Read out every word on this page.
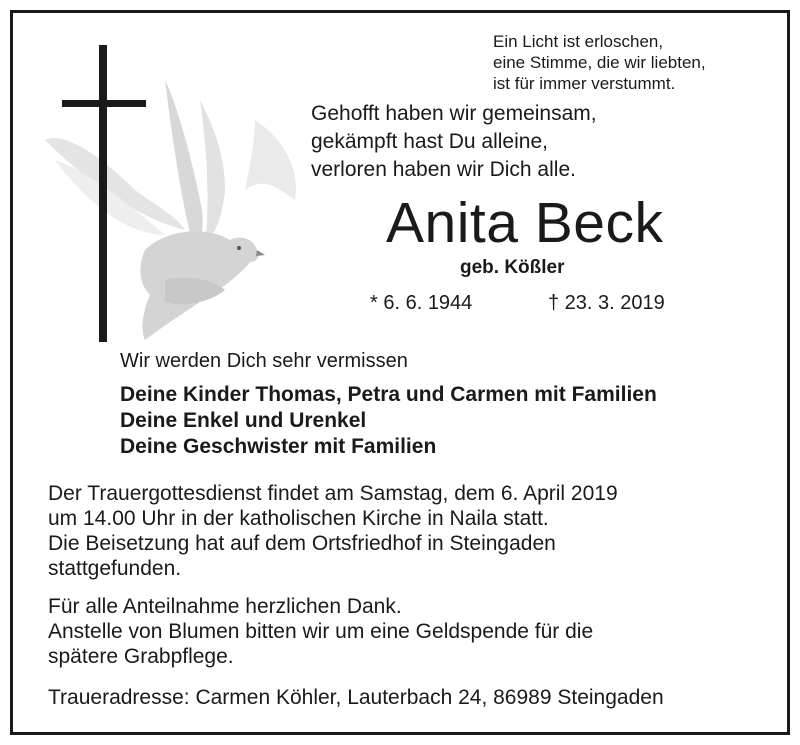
Ein Licht ist erloschen,
eine Stimme, die wir liebten,
ist für immer verstummt.
Gehofft haben wir gemeinsam,
gekämpft hast Du alleine,
verloren haben wir Dich alle.
Anita Beck
geb. Kößler
* 6. 6. 1944	† 23. 3. 2019
Wir werden Dich sehr vermissen
Deine Kinder Thomas, Petra und Carmen mit Familien
Deine Enkel und Urenkel
Deine Geschwister mit Familien
Der Trauergottesdienst findet am Samstag, dem 6. April 2019
um 14.00 Uhr in der katholischen Kirche in Naila statt.
Die Beisetzung hat auf dem Ortsfriedhof in Steingaden
stattgefunden.
Für alle Anteilnahme herzlichen Dank.
Anstelle von Blumen bitten wir um eine Geldspende für die
spätere Grabpflege.
Traueradresse: Carmen Köhler, Lauterbach 24, 86989 Steingaden
